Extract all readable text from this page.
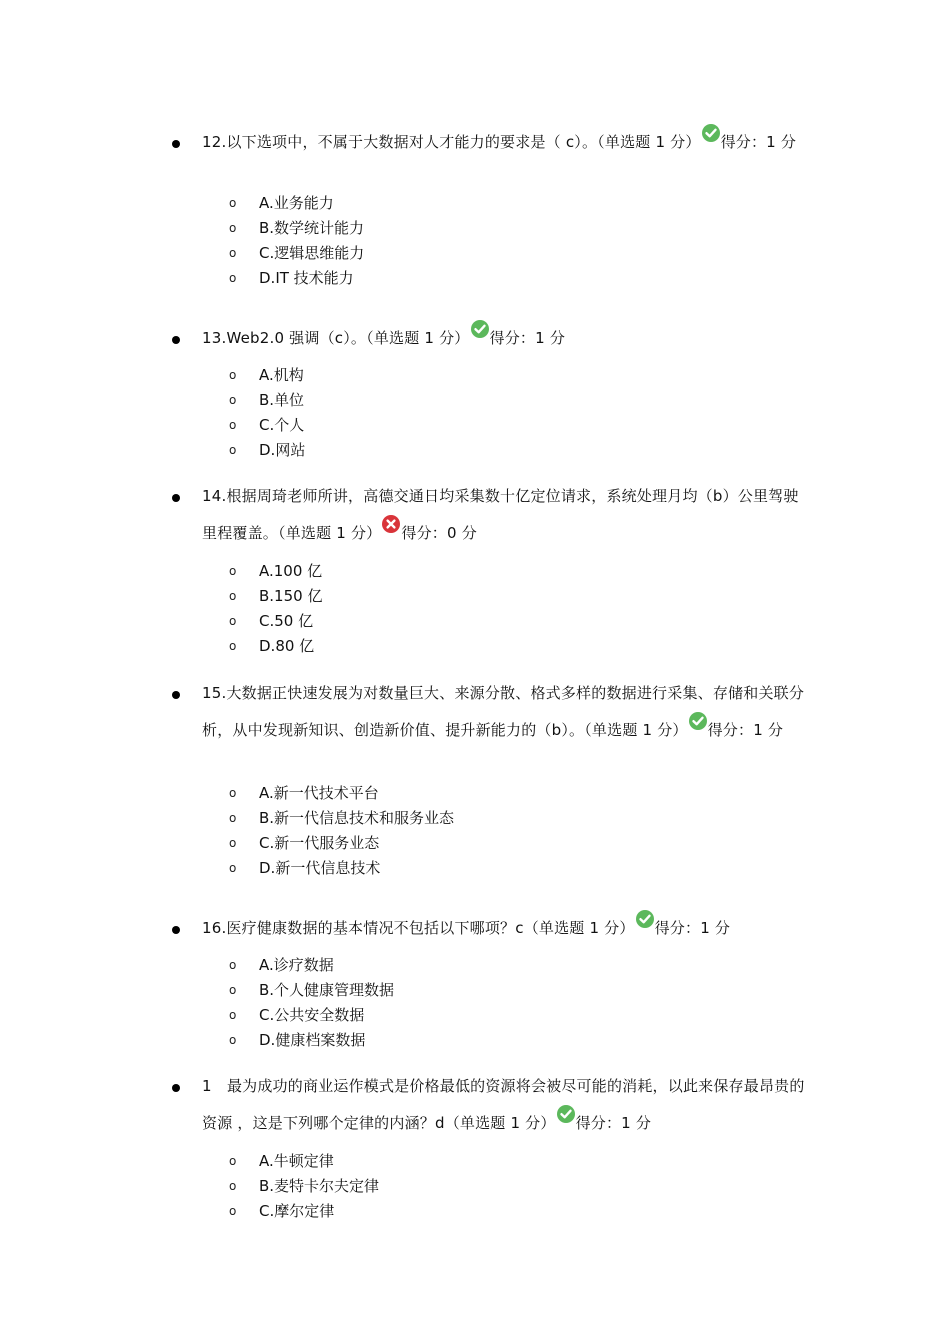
12.以下选项中，不属于大数据对人才能力的要求是（ c）。（单选题 1 分） 得分：1 分

o A.业务能力
o B.数学统计能力
o C.逻辑思维能力
o D.IT 技术能力

13.Web2.0 强调（c）。（单选题 1 分） 得分：1 分

o A.机构
o B.单位
o C.个人
o D.网站

14.根据周琦老师所讲，高德交通日均采集数十亿定位请求，系统处理月均（b）公里驾驶里程覆盖。（单选题 1 分） 得分：0 分

o A.100 亿
o B.150 亿
o C.50 亿
o D.80 亿

15.大数据正快速发展为对数量巨大、来源分散、格式多样的数据进行采集、存储和关联分析，从中发现新知识、创造新价值、提升新能力的（b）。（单选题 1 分） 得分：1 分

o A.新一代技术平台
o B.新一代信息技术和服务业态
o C.新一代服务业态
o D.新一代信息技术

16.医疗健康数据的基本情况不包括以下哪项？c（单选题 1 分） 得分：1 分

o A.诊疗数据
o B.个人健康管理数据
o C.公共安全数据
o D.健康档案数据

1　最为成功的商业运作模式是价格最低的资源将会被尽可能的消耗，以此来保存最昂贵的资源 ，这是下列哪个定律的内涵？d（单选题 1 分） 得分：1 分

o A.牛顿定律
o B.麦特卡尔夫定律
o C.摩尔定律
